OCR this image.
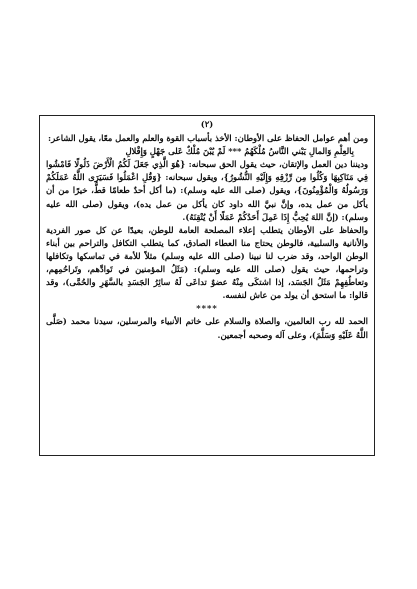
(٢)

ومن أهم عوامل الحفاظ على الأوطان: الأخذ بأسباب القوة والعلم والعمل معًا، يقول الشاعر:

بِالعِلْمِ وَالمالِ يَبْني النَّاسُ مُلْكَهُمُ *** لَمْ يُبْنَ مُلْكٌ عَلى جَهْلٍ وَإِقْلالِ

وديننا دين العمل والإتقان، حيث يقول الحق سبحانه: {هُوَ الَّذِي جَعَلَ لَكُمُ الْأَرْضَ ذَلُولًا فَامْشُوا فِي مَنَاكِبِهَا وَكُلُوا مِن رِّزْقِهِ وَإِلَيْهِ النُّشُورُ}، ويقول سبحانه: {وَقُلِ اعْمَلُوا فَسَيَرَى اللَّهُ عَمَلَكُمْ وَرَسُولُهُ وَالْمُؤْمِنُونَ}، ويقول (صلى الله عليه وسلم): (ما أكل أحدٌ طعامًا قطُّ، خيرًا من أن يأكل من عمل يده، وإنَّ نبيَّ الله داود كان يأكل من عمل يده)، ويقول (صلى الله عليه وسلم): (إنَّ اللهَ يُحِبُّ إِذَا عَمِلَ أَحَدُكُمْ عَمَلًا أَنْ يُتْقِنَهُ).

والحفاظ على الأوطان يتطلب إعلاء المصلحة العامة للوطن، بعيدًا عن كل صور الفردية والأنانية والسلبية، فالوطن يحتاج منا العطاء الصادق، كما يتطلب التكافل والتراحم بين أبناء الوطن الواحد، وقد ضرب لنا نبينا (صلى الله عليه وسلم) مثلاً للأمة في تماسكها وتكافلها وتراحمها، حيث يقول (صلى الله عليه وسلم): (مَثَلُ المؤمنين في تَوادِّهم، وتَراحُمِهم، وتعاطُفِهِمْ مَثَلُ الجَسَد، إذا اشتكَى مِنْهُ عضوٌ تداعَى لَهُ سائِرُ الجَسَدِ بالسَّهَرِ والحُمَّى)، وقد قالوا: ما استحق أن يولد من عاش لنفسه.

****

الحمد لله رب العالمين، والصلاة والسلام على خاتم الأنبياء والمرسلين، سيدنا محمد (صَلَّى اللَّهُ عَلَيْهِ وَسَلَّمَ)، وعلى آله وصحبه أجمعين.
